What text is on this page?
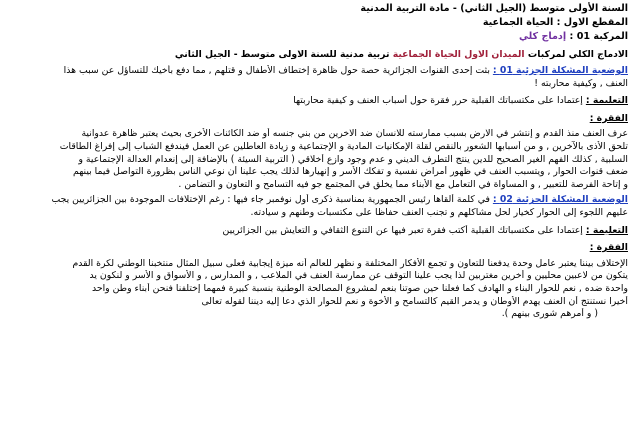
السنة الأولى متوسط (الجيل الثاني) - مادة التربية المدنية
المقطع الاول : الحياة الجماعية
المركبة 01 : إدماج كلي
الادماج الكلي لمركبات الميدان الاول الحياة الجماعية تربية مدنية للسنة الاولى متوسط - الجيل الثاني
الوضعية المشكلة الجزئية 01 : بثت إحدى القنوات الجزائرية حصة حول ظاهرة إختطاف الأطفال و قتلهم , مما دفع بأخيك للتساؤل عن سبب هذا
العنف , وكيفية محاربته !
التعليمة : إعتمادا على مكتسباتك القبلية حرر فقرة حول أسباب العنف و كيفية محاربتها
الفقرة :
عرف العنف منذ القدم و إنتشر في الارض بسبب ممارسته للانسان ضد الاخرين من بني جنسه أو ضد الكائنات الأخرى بحيث يعتبر ظاهرة عدوانية
تلحق الأذى بالآخرين , و من أسبابها الشعور بالنقص لقلة الإمكانيات المادية و الإجتماعية و زيادة العاطلين عن العمل فيندفع الشباب إلى إفراغ الطاقات
السلبية , كذلك الفهم الغير الصحيح للدين ينتج التطرف الديني و عدم وجود وازع أخلاقي ( التربية السيئة ) بالإضافة إلى إنعدام العدالة الإجتماعية و
ضعف قنوات الحوار , ويتسبب العنف في ظهور أمراض نفسية و تفكك الأسر و إنهيارها لذلك يجب علينا أن نوعي الناس بظرورة التواصل فيما بينهم
و إتاحة الفرصة للتعبير , و المساواة في التعامل مع الأبناء مما يخلق في المجتمع جو فيه التسامح و التعاون و التضامن .
الوضعية المشكلة الجزئية 02 : في كلمة ألقاها رئيس الجمهورية بمناسبة ذكرى أول نوفمبر جاء فيها : رغم الإختلافات الموجودة بين الجزائريين يجب
عليهم اللجوء إلى الحوار كخيار لحل مشاكلهم و تجنب العنف حفاظا على مكتسبات وطنهم و سيادته.
التعليمة : إعتمادا على مكتسباتك القبلية أكتب فقرة تعبر فيها عن التنوع الثقافي و التعايش بين الجزائريين
الفقرة :
الإختلاف بيننا يعتبر عامل وحدة يدفعنا للتعاون و تجمع الأفكار المختلفة و نظهر للعالم أنه ميزة إيجابية فعلى سبيل المثال منتخبنا الوطني لكرة القدم
يتكون من لاعبين محليين و أخرين مغتربين لذا يجب علينا التوقف عن ممارسة العنف في الملاعب , و المدارس , و الأسواق و الأسر و لنكون يد
واحدة ضده , نعم للحوار البناء و الهادف كما فعلنا حين صوتنا بنعم لمشروع المصالحة الوطنية بنسبة كبيرة فمهما إختلفنا فنحن أبناء وطن واحد
أخيرا نستنتج أن العنف يهدم الأوطان و يدمر القيم كالتسامح و الأخوة و نعم للحوار الذي دعا إليه ديننا لقوله تعالى
( و أمرهم شورى بينهم ).
